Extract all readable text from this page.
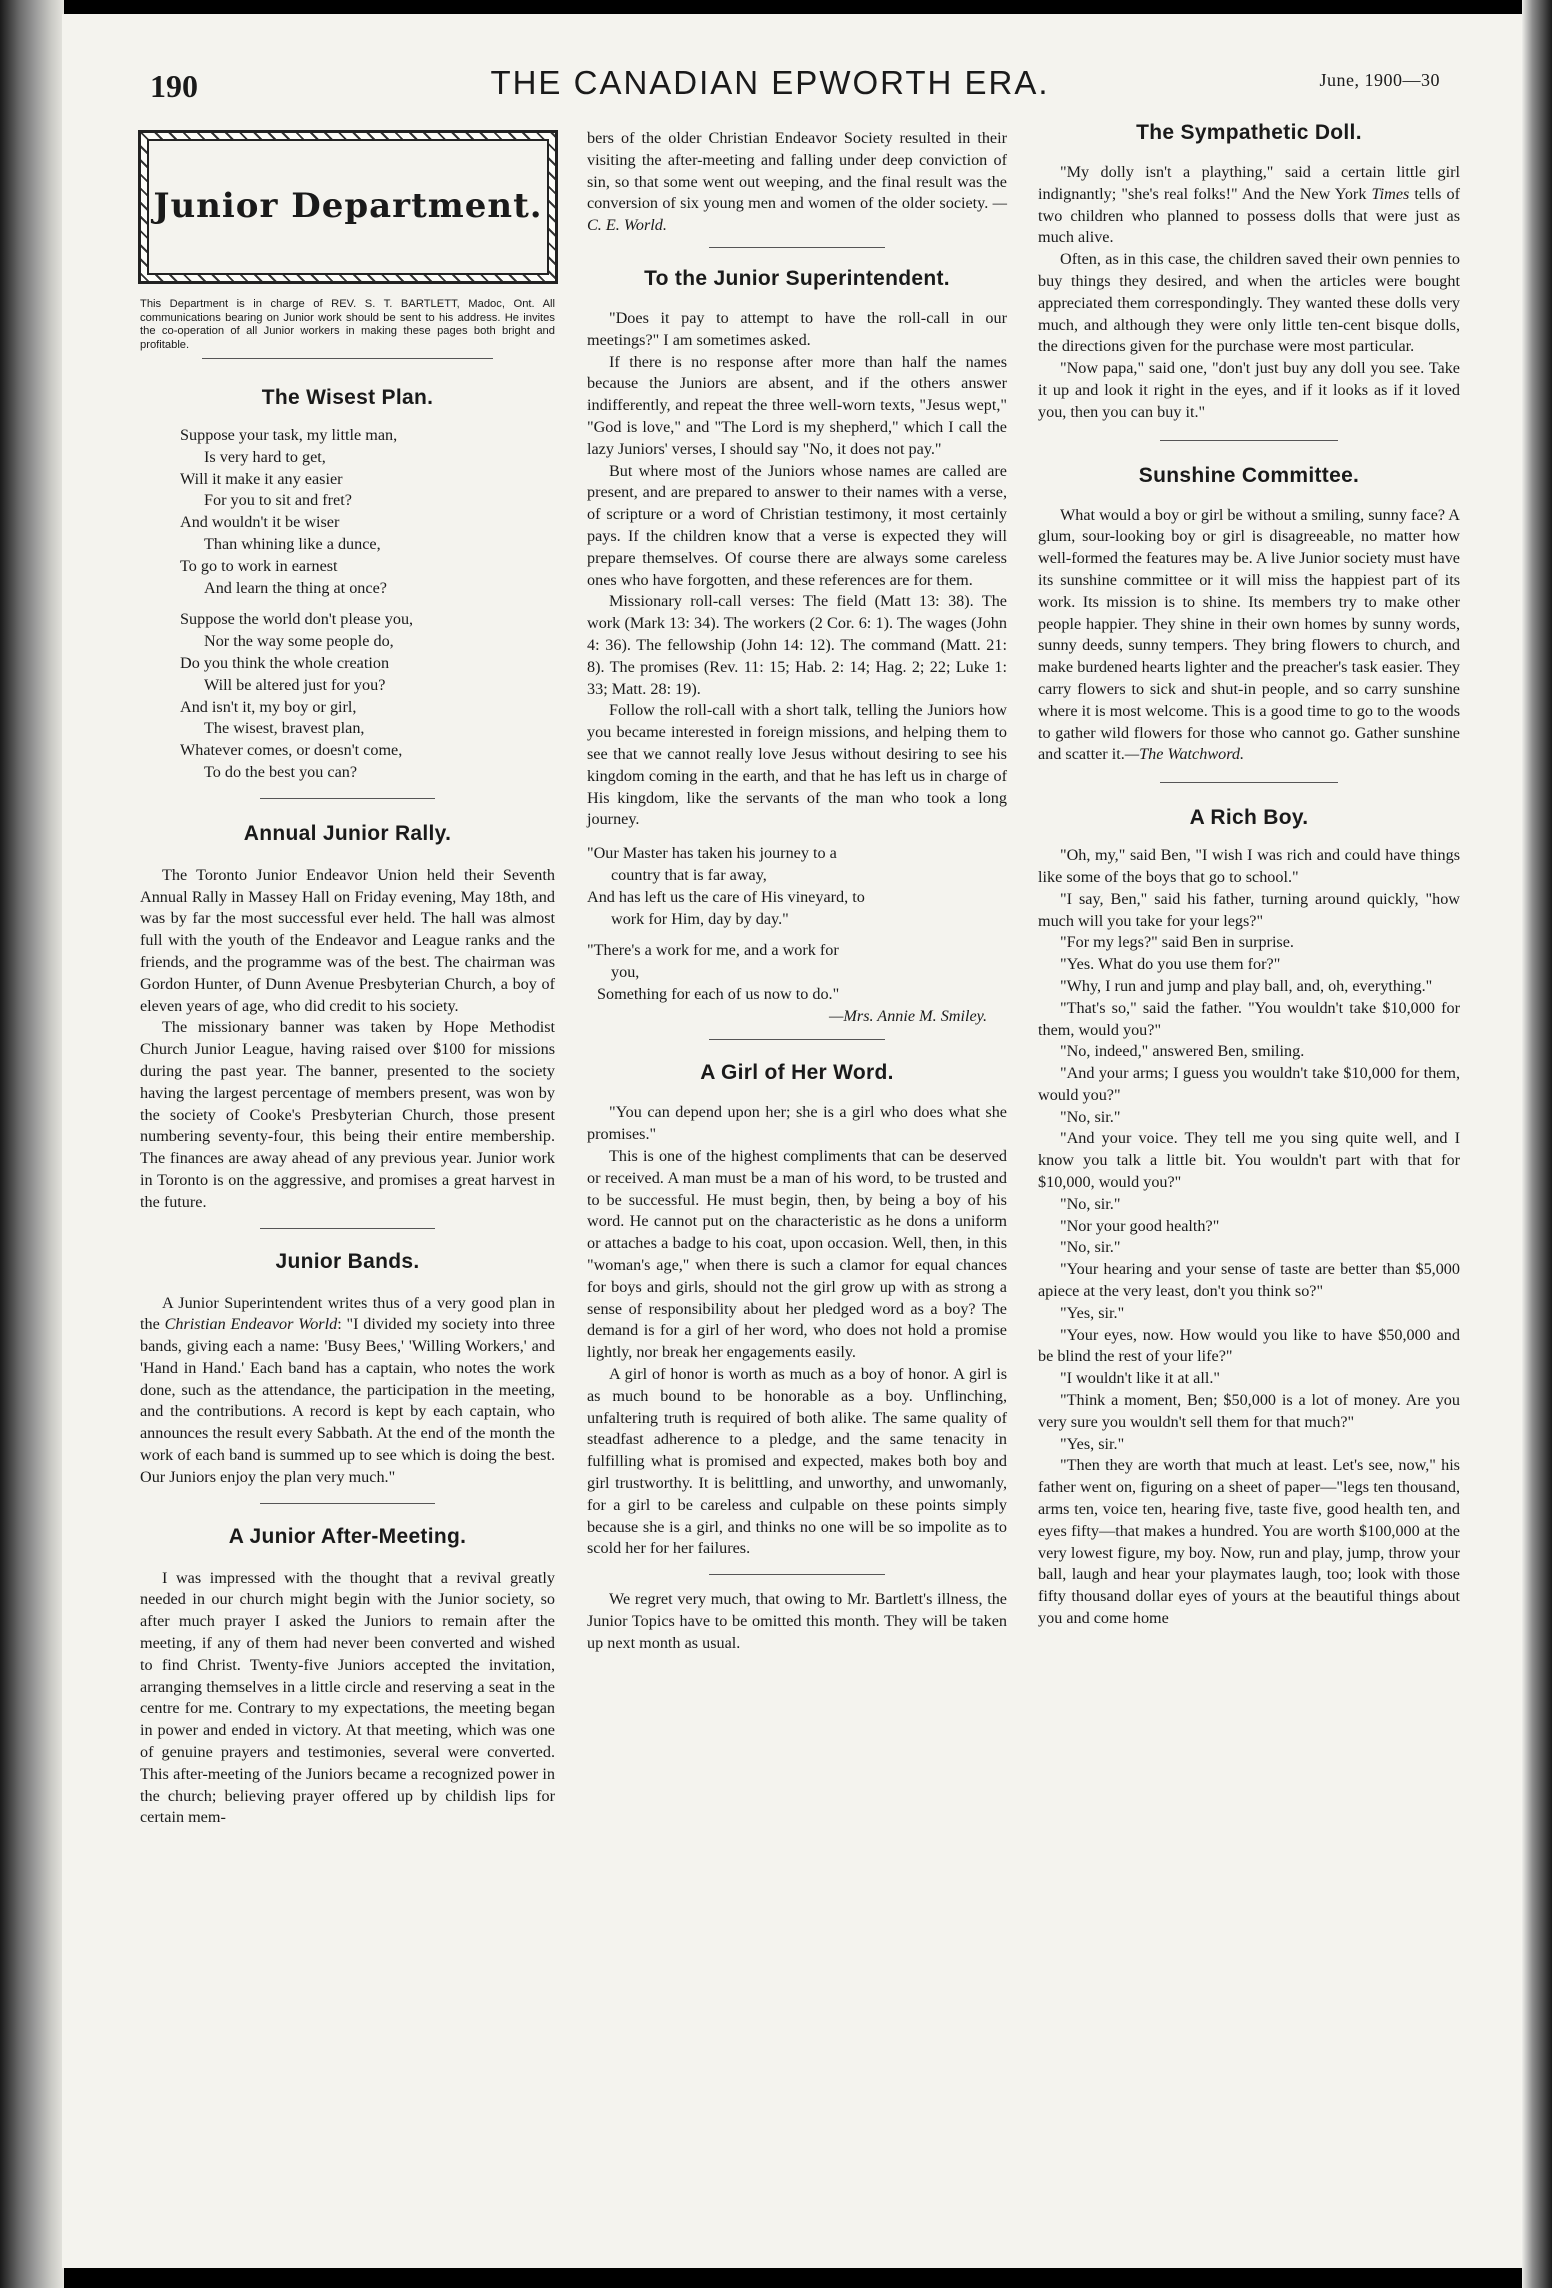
190	THE CANADIAN EPWORTH ERA.	June, 1900—30
Junior Department.
This Department is in charge of REV. S. T. BARTLETT, Madoc, Ont. All communications bearing on Junior work should be sent to his address. He invites the co-operation of all Junior workers in making these pages both bright and profitable.
The Wisest Plan.
Suppose your task, my little man,
Is very hard to get,
Will it make it any easier
For you to sit and fret?
And wouldn't it be wiser
Than whining like a dunce,
To go to work in earnest
And learn the thing at once?
Suppose the world don't please you,
Nor the way some people do,
Do you think the whole creation
Will be altered just for you?
And isn't it, my boy or girl,
The wisest, bravest plan,
Whatever comes, or doesn't come,
To do the best you can?
Annual Junior Rally.

The Toronto Junior Endeavor Union held their Seventh Annual Rally in Massey Hall on Friday evening, May 18th, and was by far the most successful ever held. The hall was almost full with the youth of the Endeavor and League ranks and the friends, and the programme was of the best. The chairman was Gordon Hunter, of Dunn Avenue Presbyterian Church, a boy of eleven years of age, who did credit to his society.

The missionary banner was taken by Hope Methodist Church Junior League, having raised over $100 for missions during the past year. The banner, presented to the society having the largest percentage of members present, was won by the society of Cooke's Presbyterian Church, those present numbering seventy-four, this being their entire membership. The finances are away ahead of any previous year. Junior work in Toronto is on the aggressive, and promises a great harvest in the future.

Junior Bands.

A Junior Superintendent writes thus of a very good plan in the Christian Endeavor World: "I divided my society into three bands, giving each a name: 'Busy Bees,' 'Willing Workers,' and 'Hand in Hand.' Each band has a captain, who notes the work done, such as the attendance, the participation in the meeting, and the contributions. A record is kept by each captain, who announces the result every Sabbath. At the end of the month the work of each band is summed up to see which is doing the best. Our Juniors enjoy the plan very much."

A Junior After-Meeting.

I was impressed with the thought that a revival greatly needed in our church might begin with the Junior society, so after much prayer I asked the Juniors to remain after the meeting, if any of them had never been converted and wished to find Christ. Twenty-five Juniors accepted the invitation, arranging themselves in a little circle and reserving a seat in the centre for me. Contrary to my expectations, the meeting began in power and ended in victory. At that meeting, which was one of genuine prayers and testimonies, several were converted. This after-meeting of the Juniors became a recognized power in the church; believing prayer offered up by childish lips for certain mem-

bers of the older Christian Endeavor Society resulted in their visiting the after-meeting and falling under deep conviction of sin, so that some went out weeping, and the final result was the conversion of six young men and women of the older society. —C. E. World.

To the Junior Superintendent.

"Does it pay to attempt to have the roll-call in our meetings?" I am sometimes asked.

If there is no response after more than half the names because the Juniors are absent, and if the others answer indifferently, and repeat the three well-worn texts, "Jesus wept," "God is love," and "The Lord is my shepherd," which I call the lazy Juniors' verses, I should say "No, it does not pay."

But where most of the Juniors whose names are called are present, and are prepared to answer to their names with a verse, of scripture or a word of Christian testimony, it most certainly pays. If the children know that a verse is expected they will prepare themselves. Of course there are always some careless ones who have forgotten, and these references are for them.

Missionary roll-call verses: The field (Matt 13: 38). The work (Mark 13: 34). The workers (2 Cor. 6: 1). The wages (John 4: 36). The fellowship (John 14: 12). The command (Matt. 21: 8). The promises (Rev. 11: 15; Hab. 2: 14; Hag. 2; 22; Luke 1: 33; Matt. 28: 19).

Follow the roll-call with a short talk, telling the Juniors how you became interested in foreign missions, and helping them to see that we cannot really love Jesus without desiring to see his kingdom coming in the earth, and that he has left us in charge of His kingdom, like the servants of the man who took a long journey.

"Our Master has taken his journey to a
country that is far away,
And has left us the care of His vineyard, to
work for Him, day by day."
"There's a work for me, and a work for
you,
Something for each of us now to do."
—Mrs. Annie M. Smiley.
A Girl of Her Word.

"You can depend upon her; she is a girl who does what she promises."

This is one of the highest compliments that can be deserved or received. A man must be a man of his word, to be trusted and to be successful. He must begin, then, by being a boy of his word. He cannot put on the characteristic as he dons a uniform or attaches a badge to his coat, upon occasion. Well, then, in this "woman's age," when there is such a clamor for equal chances for boys and girls, should not the girl grow up with as strong a sense of responsibility about her pledged word as a boy? The demand is for a girl of her word, who does not hold a promise lightly, nor break her engagements easily.

A girl of honor is worth as much as a boy of honor. A girl is as much bound to be honorable as a boy. Unflinching, unfaltering truth is required of both alike. The same quality of steadfast adherence to a pledge, and the same tenacity in fulfilling what is promised and expected, makes both boy and girl trustworthy. It is belittling, and unworthy, and unwomanly, for a girl to be careless and culpable on these points simply because she is a girl, and thinks no one will be so impolite as to scold her for her failures.

We regret very much, that owing to Mr. Bartlett's illness, the Junior Topics have to be omitted this month. They will be taken up next month as usual.

The Sympathetic Doll.

"My dolly isn't a plaything," said a certain little girl indignantly; "she's real folks!" And the New York Times tells of two children who planned to possess dolls that were just as much alive.

Often, as in this case, the children saved their own pennies to buy things they desired, and when the articles were bought appreciated them correspondingly. They wanted these dolls very much, and although they were only little ten-cent bisque dolls, the directions given for the purchase were most particular.

"Now papa," said one, "don't just buy any doll you see. Take it up and look it right in the eyes, and if it looks as if it loved you, then you can buy it."

Sunshine Committee.

What would a boy or girl be without a smiling, sunny face? A glum, sour-looking boy or girl is disagreeable, no matter how well-formed the features may be. A live Junior society must have its sunshine committee or it will miss the happiest part of its work. Its mission is to shine. Its members try to make other people happier. They shine in their own homes by sunny words, sunny deeds, sunny tempers. They bring flowers to church, and make burdened hearts lighter and the preacher's task easier. They carry flowers to sick and shut-in people, and so carry sunshine where it is most welcome. This is a good time to go to the woods to gather wild flowers for those who cannot go. Gather sunshine and scatter it.—The Watchword.

A Rich Boy.

"Oh, my," said Ben, "I wish I was rich and could have things like some of the boys that go to school."

"I say, Ben," said his father, turning around quickly, "how much will you take for your legs?"

"For my legs?" said Ben in surprise.

"Yes. What do you use them for?"

"Why, I run and jump and play ball, and, oh, everything."

"That's so," said the father. "You wouldn't take $10,000 for them, would you?"

"No, indeed," answered Ben, smiling.

"And your arms; I guess you wouldn't take $10,000 for them, would you?"

"No, sir."

"And your voice. They tell me you sing quite well, and I know you talk a little bit. You wouldn't part with that for $10,000, would you?"

"No, sir."

"Nor your good health?"

"No, sir."

"Your hearing and your sense of taste are better than $5,000 apiece at the very least, don't you think so?"

"Yes, sir."

"Your eyes, now. How would you like to have $50,000 and be blind the rest of your life?"

"I wouldn't like it at all."

"Think a moment, Ben; $50,000 is a lot of money. Are you very sure you wouldn't sell them for that much?"

"Yes, sir."

"Then they are worth that much at least. Let's see, now," his father went on, figuring on a sheet of paper—"legs ten thousand, arms ten, voice ten, hearing five, taste five, good health ten, and eyes fifty—that makes a hundred. You are worth $100,000 at the very lowest figure, my boy. Now, run and play, jump, throw your ball, laugh and hear your playmates laugh, too; look with those fifty thousand dollar eyes of yours at the beautiful things about you and come home
